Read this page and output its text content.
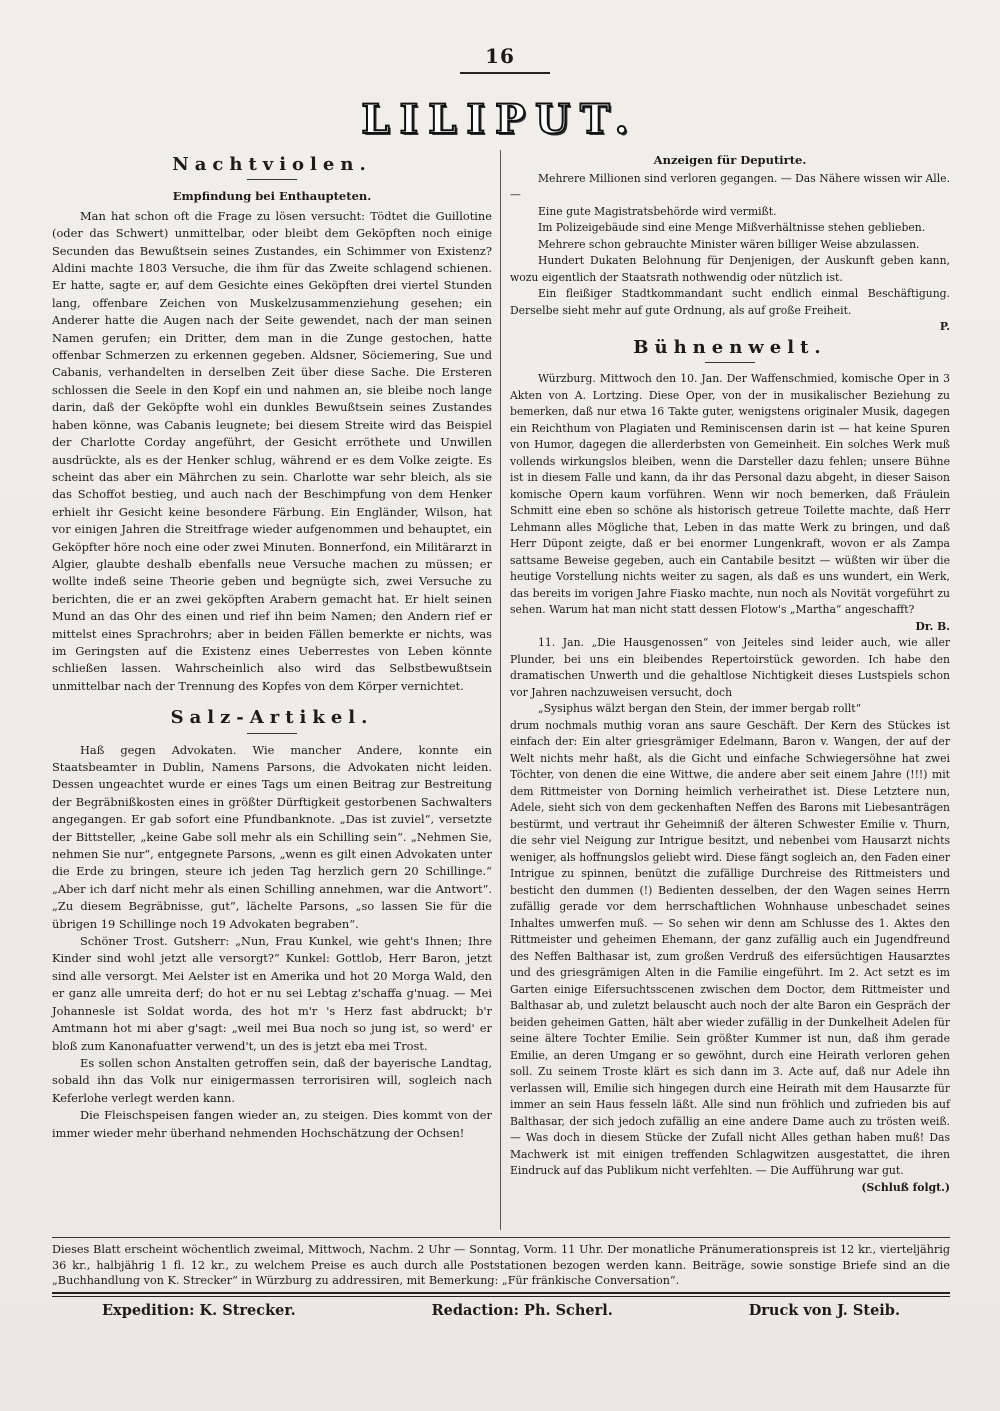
16
LILIPUT.
Nachtviolen.
Empfindung bei Enthaupteten.

Man hat schon oft die Frage zu lösen versucht: Tödtet die Guillotine (oder das Schwert) unmittelbar, oder bleibt dem Geköpften noch einige Secunden das Bewußtsein seines Zustandes, ein Schimmer von Existenz? Aldini machte 1803 Versuche, die ihm für das Zweite schlagend schienen. Er hatte, sagte er, auf dem Gesichte eines Geköpften drei viertel Stunden lang, offenbare Zeichen von Muskelzusammenziehung gesehen; ein Anderer hatte die Augen nach der Seite gewendet, nach der man seinen Namen gerufen; ein Dritter, dem man in die Zunge gestochen, hatte offenbar Schmerzen zu erkennen gegeben. Aldsner, Söciemering, Sue und Cabanis, verhandelten in derselben Zeit über diese Sache. Die Ersteren schlossen die Seele in den Kopf ein und nahmen an, sie bleibe noch lange darin, daß der Geköpfte wohl ein dunkles Bewußtsein seines Zustandes haben könne, was Cabanis leugnete; bei diesem Streite wird das Beispiel der Charlotte Corday angeführt, der Gesicht erröthete und Unwillen ausdrückte, als es der Henker schlug, während er es dem Volke zeigte. Es scheint das aber ein Mährchen zu sein. Charlotte war sehr bleich, als sie das Schoffot bestieg, und auch nach der Beschimpfung von dem Henker erhielt ihr Gesicht keine besondere Färbung. Ein Engländer, Wilson, hat vor einigen Jahren die Streitfrage wieder aufgenommen und behauptet, ein Geköpfter höre noch eine oder zwei Minuten. Bonnerfond, ein Militärarzt in Algier, glaubte deshalb ebenfalls neue Versuche machen zu müssen; er wollte indeß seine Theorie geben und begnügte sich, zwei Versuche zu berichten, die er an zwei geköpften Arabern gemacht hat. Er hielt seinen Mund an das Ohr des einen und rief ihn beim Namen; den Andern rief er mittelst eines Sprachrohrs; aber in beiden Fällen bemerkte er nichts, was im Geringsten auf die Existenz eines Ueberrestes von Leben könnte schließen lassen. Wahrscheinlich also wird das Selbstbewußtsein unmittelbar nach der Trennung des Kopfes von dem Körper vernichtet.

Salz-Artikel.

Haß gegen Advokaten. Wie mancher Andere, konnte ein Staatsbeamter in Dublin, Namens Parsons, die Advokaten nicht leiden. Dessen ungeachtet wurde er eines Tags um einen Beitrag zur Bestreitung der Begräbnißkosten eines in größter Dürftigkeit gestorbenen Sachwalters angegangen. Er gab sofort eine Pfundbanknote. „Das ist zuviel“, versetzte der Bittsteller, „keine Gabe soll mehr als ein Schilling sein“. „Nehmen Sie, nehmen Sie nur“, entgegnete Parsons, „wenn es gilt einen Advokaten unter die Erde zu bringen, steure ich jeden Tag herzlich gern 20 Schillinge.“ „Aber ich darf nicht mehr als einen Schilling annehmen, war die Antwort“. „Zu diesem Begräbnisse, gut“, lächelte Parsons, „so lassen Sie für die übrigen 19 Schillinge noch 19 Advokaten begraben“.

Schöner Trost. Gutsherr: „Nun, Frau Kunkel, wie geht's Ihnen; Ihre Kinder sind wohl jetzt alle versorgt?“ Kunkel: Gottlob, Herr Baron, jetzt sind alle versorgt. Mei Aelster ist en Amerika und hot 20 Morga Wald, den er ganz alle umreita derf; do hot er nu sei Lebtag z'schaffa g'nuag. — Mei Johannesle ist Soldat worda, des hot m'r 's Herz fast abdruckt; b'r Amtmann hot mi aber g'sagt: „weil mei Bua noch so jung ist, so werd' er bloß zum Kanonafuatter verwend't, un des is jetzt eba mei Trost.

Es sollen schon Anstalten getroffen sein, daß der bayerische Landtag, sobald ihn das Volk nur einigermassen terrorisiren will, sogleich nach Keferlohe verlegt werden kann.

Die Fleischspeisen fangen wieder an, zu steigen. Dies kommt von der immer wieder mehr überhand nehmenden Hochschätzung der Ochsen!

Anzeigen für Deputirte.

Mehrere Millionen sind verloren gegangen. — Das Nähere wissen wir Alle. —

Eine gute Magistratsbehörde wird vermißt.

Im Polizeigebäude sind eine Menge Mißverhältnisse stehen geblieben.

Mehrere schon gebrauchte Minister wären billiger Weise abzulassen.

Hundert Dukaten Belohnung für Denjenigen, der Auskunft geben kann, wozu eigentlich der Staatsrath nothwendig oder nützlich ist.

Ein fleißiger Stadtkommandant sucht endlich einmal Beschäftigung. Derselbe sieht mehr auf gute Ordnung, als auf große Freiheit.

P.
Bühnenwelt.

Würzburg. Mittwoch den 10. Jan. Der Waffenschmied, komische Oper in 3 Akten von A. Lortzing. Diese Oper, von der in musikalischer Beziehung zu bemerken, daß nur etwa 16 Takte guter, wenigstens originaler Musik, dagegen ein Reichthum von Plagiaten und Reminiscensen darin ist — hat keine Spuren von Humor, dagegen die allerderbsten von Gemeinheit. Ein solches Werk muß vollends wirkungslos bleiben, wenn die Darsteller dazu fehlen; unsere Bühne ist in diesem Falle und kann, da ihr das Personal dazu abgeht, in dieser Saison komische Opern kaum vorführen. Wenn wir noch bemerken, daß Fräulein Schmitt eine eben so schöne als historisch getreue Toilette machte, daß Herr Lehmann alles Mögliche that, Leben in das matte Werk zu bringen, und daß Herr Düpont zeigte, daß er bei enormer Lungenkraft, wovon er als Zampa sattsame Beweise gegeben, auch ein Cantabile besitzt — wüßten wir über die heutige Vorstellung nichts weiter zu sagen, als daß es uns wundert, ein Werk, das bereits im vorigen Jahre Fiasko machte, nun noch als Novität vorgeführt zu sehen. Warum hat man nicht statt dessen Flotow's „Martha“ angeschafft?

Dr. B.

11. Jan. „Die Hausgenossen“ von Jeiteles sind leider auch, wie aller Plunder, bei uns ein bleibendes Repertoirstück geworden. Ich habe den dramatischen Unwerth und die gehaltlose Nichtigkeit dieses Lustspiels schon vor Jahren nachzuweisen versucht, doch

„Sysiphus wälzt bergan den Stein, der immer bergab rollt“

drum nochmals muthig voran ans saure Geschäft. Der Kern des Stückes ist einfach der: Ein alter griesgrämiger Edelmann, Baron v. Wangen, der auf der Welt nichts mehr haßt, als die Gicht und einfache Schwiegersöhne hat zwei Töchter, von denen die eine Wittwe, die andere aber seit einem Jahre (!!!) mit dem Rittmeister von Dorning heimlich verheirathet ist. Diese Letztere nun, Adele, sieht sich von dem geckenhaften Neffen des Barons mit Liebesanträgen bestürmt, und vertraut ihr Geheimniß der älteren Schwester Emilie v. Thurn, die sehr viel Neigung zur Intrigue besitzt, und nebenbei vom Hausarzt nichts weniger, als hoffnungslos geliebt wird. Diese fängt sogleich an, den Faden einer Intrigue zu spinnen, benützt die zufällige Durchreise des Rittmeisters und besticht den dummen (!) Bedienten desselben, der den Wagen seines Herrn zufällig gerade vor dem herrschaftlichen Wohnhause unbeschadet seines Inhaltes umwerfen muß. — So sehen wir denn am Schlusse des 1. Aktes den Rittmeister und geheimen Ehemann, der ganz zufällig auch ein Jugendfreund des Neffen Balthasar ist, zum großen Verdruß des eifersüchtigen Hausarztes und des griesgrämigen Alten in die Familie eingeführt. Im 2. Act setzt es im Garten einige Eifersuchtsscenen zwischen dem Doctor, dem Rittmeister und Balthasar ab, und zuletzt belauscht auch noch der alte Baron ein Gespräch der beiden geheimen Gatten, hält aber wieder zufällig in der Dunkelheit Adelen für seine ältere Tochter Emilie. Sein größter Kummer ist nun, daß ihm gerade Emilie, an deren Umgang er so gewöhnt, durch eine Heirath verloren gehen soll. Zu seinem Troste klärt es sich dann im 3. Acte auf, daß nur Adele ihn verlassen will, Emilie sich hingegen durch eine Heirath mit dem Hausarzte für immer an sein Haus fesseln läßt. Alle sind nun fröhlich und zufrieden bis auf Balthasar, der sich jedoch zufällig an eine andere Dame auch zu trösten weiß. — Was doch in diesem Stücke der Zufall nicht Alles gethan haben muß! Das Machwerk ist mit einigen treffenden Schlagwitzen ausgestattet, die ihren Eindruck auf das Publikum nicht verfehlten. — Die Aufführung war gut.

(Schluß folgt.)
Dieses Blatt erscheint wöchentlich zweimal, Mittwoch, Nachm. 2 Uhr — Sonntag, Vorm. 11 Uhr. Der monatliche Pränumerationspreis ist 12 kr., vierteljährig 36 kr., halbjährig 1 fl. 12 kr., zu welchem Preise es auch durch alle Poststationen bezogen werden kann. Beiträge, sowie sonstige Briefe sind an die „Buchhandlung von K. Strecker“ in Würzburg zu addressiren, mit Bemerkung: „Für fränkische Conversation“.
Expedition: K. Strecker.	Redaction: Ph. Scherl.	Druck von J. Steib.
